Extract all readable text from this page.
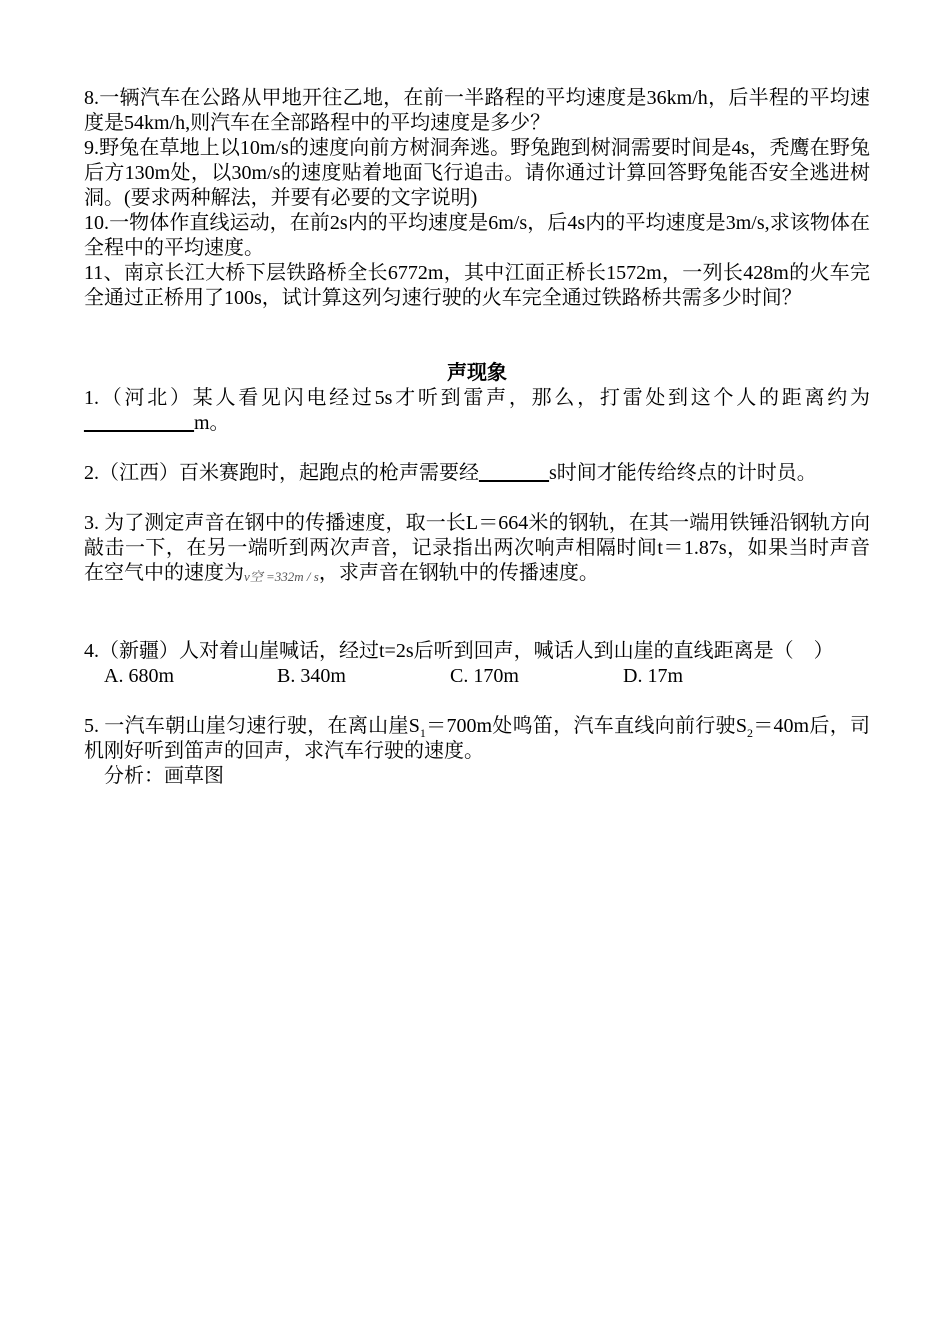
8.一辆汽车在公路从甲地开往乙地，在前一半路程的平均速度是36km/h，后半程的平均速度是54km/h,则汽车在全部路程中的平均速度是多少？

9.野兔在草地上以10m/s的速度向前方树洞奔逃。野兔跑到树洞需要时间是4s，秃鹰在野兔后方130m处，以30m/s的速度贴着地面飞行追击。请你通过计算回答野兔能否安全逃进树洞。(要求两种解法，并要有必要的文字说明)

10.一物体作直线运动，在前2s内的平均速度是6m/s，后4s内的平均速度是3m/s,求该物体在全程中的平均速度。

11、南京长江大桥下层铁路桥全长6772m，其中江面正桥长1572m，一列长428m的火车完全通过正桥用了100s，试计算这列匀速行驶的火车完全通过铁路桥共需多少时间？

声现象

1.（河北）某人看见闪电经过5s才听到雷声，那么，打雷处到这个人的距离约为___________m。

2.（江西）百米赛跑时，起跑点的枪声需要经_______s时间才能传给终点的计时员。

3. 为了测定声音在钢中的传播速度，取一长L＝664米的钢轨，在其一端用铁锤沿钢轨方向敲击一下，在另一端听到两次声音，记录指出两次响声相隔时间t＝1.87s，如果当时声音在空气中的速度为v空 =332m / s，求声音在钢轨中的传播速度。

4.（新疆）人对着山崖喊话，经过t=2s后听到回声，喊话人到山崖的直线距离是（　）

A. 680m	B. 340m	C. 170m	D. 17m

5. 一汽车朝山崖匀速行驶，在离山崖$S_1=700m$处鸣笛，汽车直线向前行驶$S_2=40m$后，司机刚好听到笛声的回声，求汽车行驶的速度。

分析：画草图
